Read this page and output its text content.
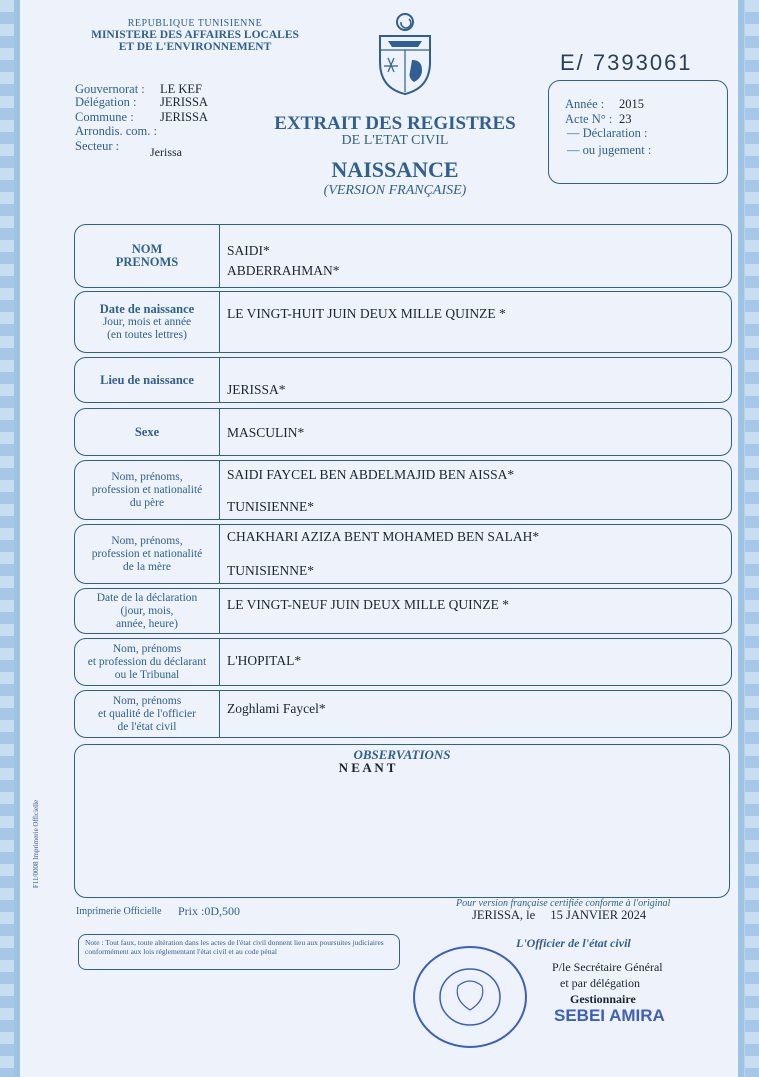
REPUBLIQUE TUNISIENNE
MINISTERE DES AFFAIRES LOCALES
ET DE L'ENVIRONNEMENT
E/ 7393061
Gouvernorat : LE KEF
Délégation : JERISSA
Commune : JERISSA
Arrondis. com. :
Secteur :	Jerissa
EXTRAIT DES REGISTRES
DE L'ETAT CIVIL
NAISSANCE
(VERSION FRANÇAISE)
Année : 2015
Acte N° : 23
— Déclaration :
— ou jugement :
NOM
PRENOMS
SAIDI*
ABDERRAHMAN*
Date de naissance
Jour, mois et année
(en toutes lettres)
LE VINGT-HUIT JUIN DEUX MILLE QUINZE *
Lieu de naissance
JERISSA*
Sexe	MASCULIN*
Nom, prénoms,
profession et nationalité
du père
SAIDI FAYCEL BEN ABDELMAJID BEN AISSA*
TUNISIENNE*
Nom, prénoms,
profession et nationalité
de la mère
CHAKHARI AZIZA BENT MOHAMED BEN SALAH*
TUNISIENNE*
Date de la déclaration
(jour, mois,
année, heure)
LE VINGT-NEUF JUIN DEUX MILLE QUINZE *
Nom, prénoms
et profession du déclarant
ou le Tribunal
L'HOPITAL*
Nom, prénoms
et qualité de l'officier
de l'état civil
Zoghlami Faycel*
OBSERVATIONS
N E A N T
F11/0008 Imprimerie Officielle
Imprimerie Officielle Prix :0D,500
Pour version française certifiée conforme à l'original
JERISSA, le 15 JANVIER 2024
Note : Tout faux, toute altération dans les actes de l'état civil donnent lieu aux poursuites judiciaires conformément aux lois réglementant l'état civil et au code pénal
L'Officier de l'état civil
P/le Secrétaire Général
et par délégation
Gestionnaire
SEBEI AMIRA
